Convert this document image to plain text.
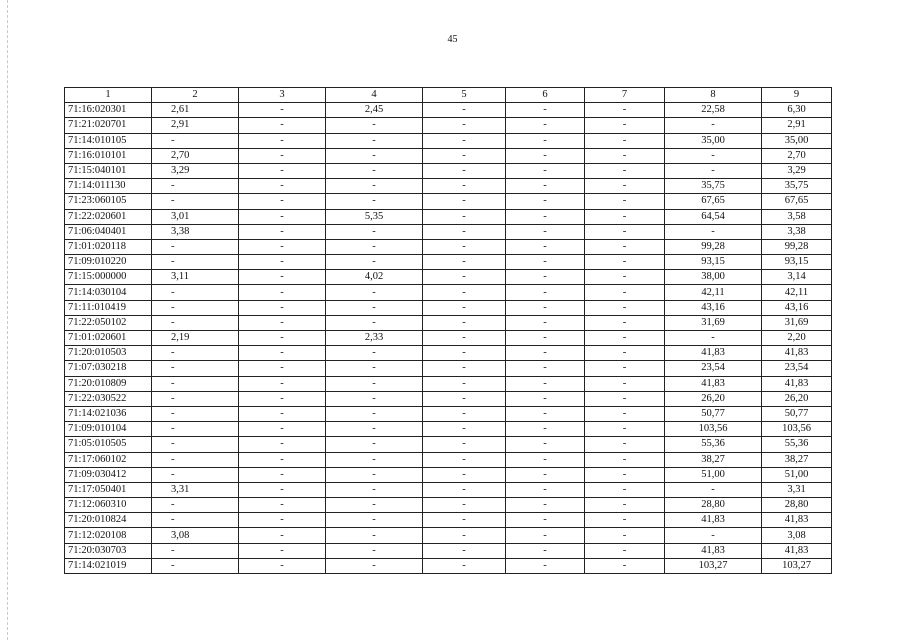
45
1	2	3	4	5	6	7	8	9
71:16:020301	2,61	-	2,45	-	-	-	22,58	6,30
71:21:020701	2,91	-	-	-	-	-	-	2,91
71:14:010105	-	-	-	-	-	-	35,00	35,00
71:16:010101	2,70	-	-	-	-	-	-	2,70
71:15:040101	3,29	-	-	-	-	-	-	3,29
71:14:011130	-	-	-	-	-	-	35,75	35,75
71:23:060105	-	-	-	-	-	-	67,65	67,65
71:22:020601	3,01	-	5,35	-	-	-	64,54	3,58
71:06:040401	3,38	-	-	-	-	-	-	3,38
71:01:020118	-	-	-	-	-	-	99,28	99,28
71:09:010220	-	-	-	-	-	-	93,15	93,15
71:15:000000	3,11	-	4,02	-	-	-	38,00	3,14
71:14:030104	-	-	-	-	-	-	42,11	42,11
71:11:010419	-	-	-	-	-	-	43,16	43,16
71:22:050102	-	-	-	-	-	-	31,69	31,69
71:01:020601	2,19	-	2,33	-	-	-	-	2,20
71:20:010503	-	-	-	-	-	-	41,83	41,83
71:07:030218	-	-	-	-	-	-	23,54	23,54
71:20:010809	-	-	-	-	-	-	41,83	41,83
71:22:030522	-	-	-	-	-	-	26,20	26,20
71:14:021036	-	-	-	-	-	-	50,77	50,77
71:09:010104	-	-	-	-	-	-	103,56	103,56
71:05:010505	-	-	-	-	-	-	55,36	55,36
71:17:060102	-	-	-	-	-	-	38,27	38,27
71:09:030412	-	-	-	-	-	-	51,00	51,00
71:17:050401	3,31	-	-	-	-	-	-	3,31
71:12:060310	-	-	-	-	-	-	28,80	28,80
71:20:010824	-	-	-	-	-	-	41,83	41,83
71:12:020108	3,08	-	-	-	-	-	-	3,08
71:20:030703	-	-	-	-	-	-	41,83	41,83
71:14:021019	-	-	-	-	-	-	103,27	103,27
